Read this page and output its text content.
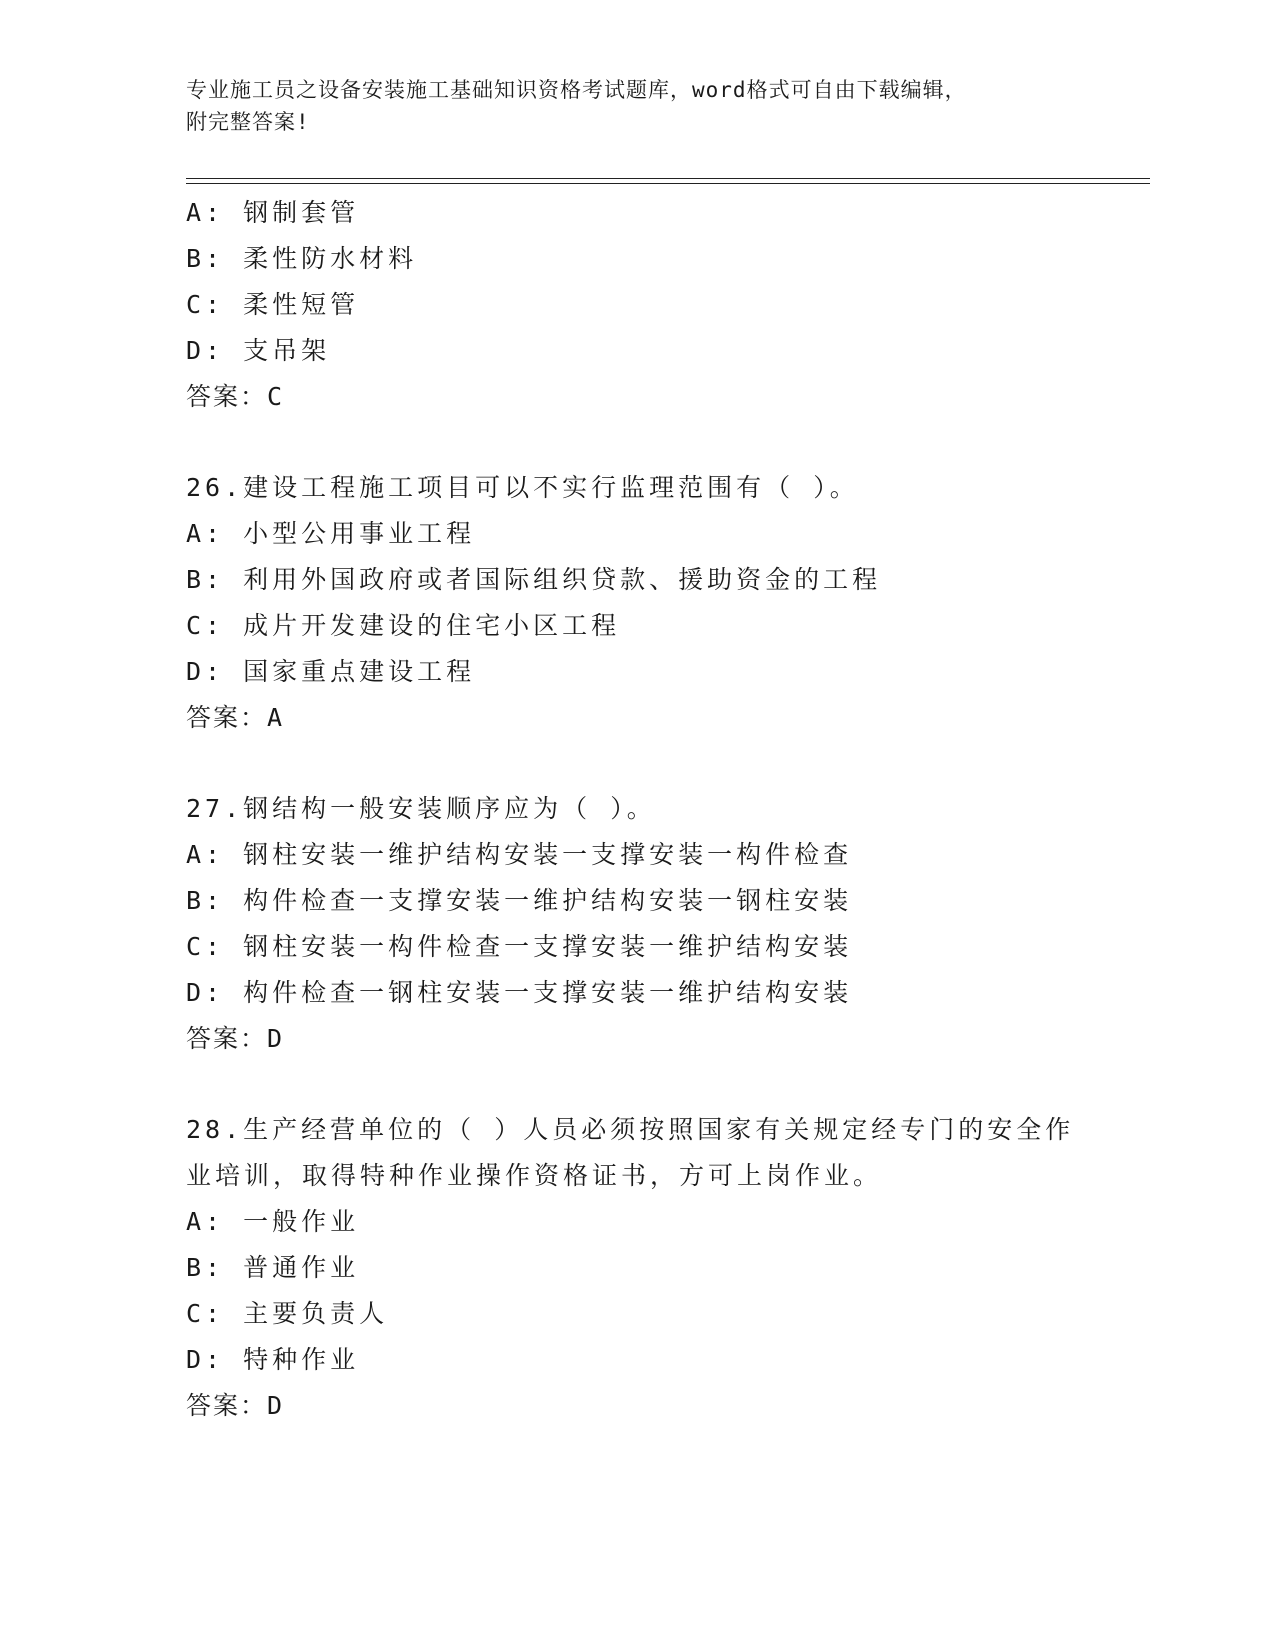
专业施工员之设备安装施工基础知识资格考试题库，word格式可自由下载编辑，
附完整答案!
A: 钢制套管
B: 柔性防水材料
C: 柔性短管
D: 支吊架
答案：C
26.建设工程施工项目可以不实行监理范围有（ ）。
A: 小型公用事业工程
B: 利用外国政府或者国际组织贷款、援助资金的工程
C: 成片开发建设的住宅小区工程
D: 国家重点建设工程
答案：A
27.钢结构一般安装顺序应为（ ）。
A: 钢柱安装一维护结构安装一支撑安装一构件检查
B: 构件检查一支撑安装一维护结构安装一钢柱安装
C: 钢柱安装一构件检查一支撑安装一维护结构安装
D: 构件检查一钢柱安装一支撑安装一维护结构安装
答案：D
28.生产经营单位的（ ）人员必须按照国家有关规定经专门的安全作
业培训，取得特种作业操作资格证书，方可上岗作业。
A: 一般作业
B: 普通作业
C: 主要负责人
D: 特种作业
答案：D
